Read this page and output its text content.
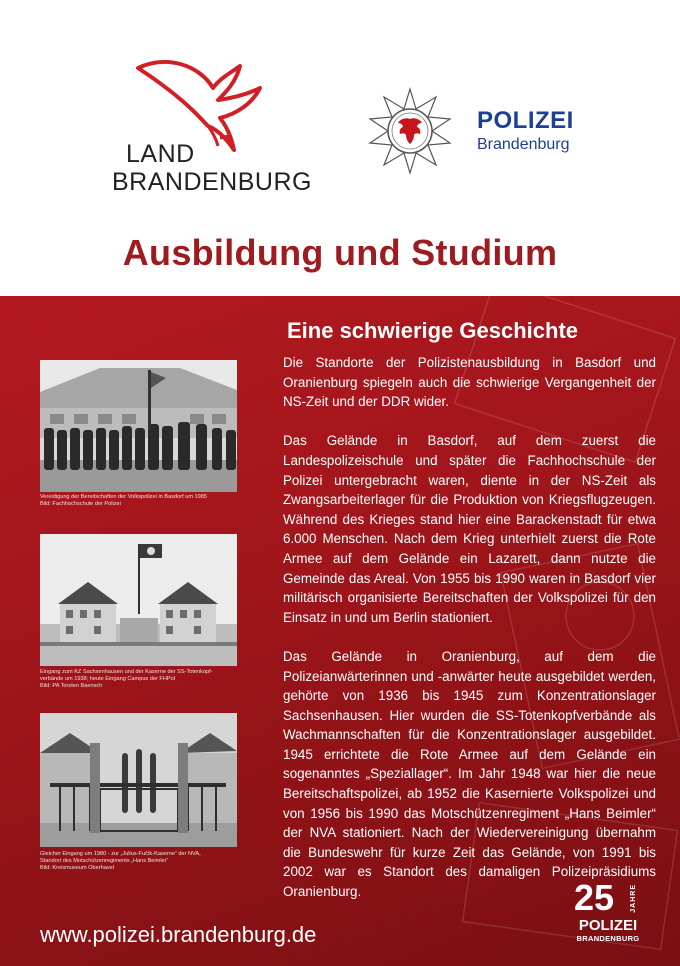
LAND
BRANDENBURG
POLIZEI
Brandenburg
Ausbildung und Studium
Eine schwierige Geschichte

Die Standorte der Polizistenausbildung in Basdorf und Oranienburg spiegeln auch die schwierige Vergangenheit der NS-Zeit und der DDR wider.

Das Gelände in Basdorf, auf dem zuerst die Landespolizeischule und später die Fachhochschule der Polizei untergebracht waren, diente in der NS-Zeit als Zwangsarbeiterlager für die Produktion von Kriegsflugzeugen. Während des Krieges stand hier eine Barackenstadt für etwa 6.000 Menschen. Nach dem Krieg unterhielt zuerst die Rote Armee auf dem Gelände ein Lazarett, dann nutzte die Gemeinde das Areal. Von 1955 bis 1990 waren in Basdorf vier militärisch organisierte Bereitschaften der Volkspolizei für den Einsatz in und um Berlin stationiert.

Das Gelände in Oranienburg, auf dem die Polizeianwärterinnen und -anwärter heute ausgebildet werden, gehörte von 1936 bis 1945 zum Konzentrationslager Sachsenhausen. Hier wurden die SS-Totenkopfverbände als Wachmannschaften für die Konzentrationslager ausgebildet. 1945 errichtete die Rote Armee auf dem Gelände ein sogenanntes „Speziallager“. Im Jahr 1948 war hier die neue Bereitschaftspolizei, ab 1952 die Kasernierte Volkspolizei und von 1956 bis 1990 das Motschützenregiment „Hans Beimler“ der NVA stationiert. Nach der Wiedervereinigung übernahm die Bundeswehr für kurze Zeit das Gelände, von 1991 bis 2002 war es Standort des damaligen Polizeipräsidiums Oranienburg.

Vereidigung der Bereitschaften der Volkspolizei in Basdorf um 1985
Bild: Fachhochschule der Polizei
Eingang zum KZ Sachsenhausen und der Kaserne der SS-Totenkopf-
verbände um 1938; heute Eingang Campus der FHPol
Bild: PA Torsten Baensch
Gleicher Eingang um 1980 - zur „Julius-Fučík-Kaserne“ der NVA,
Standort des Motschützenregiments „Hans Beimler“
Bild: Kreismuseum Oberhavel
www.polizei.brandenburg.de
25 JAHRE
POLIZEI
BRANDENBURG
